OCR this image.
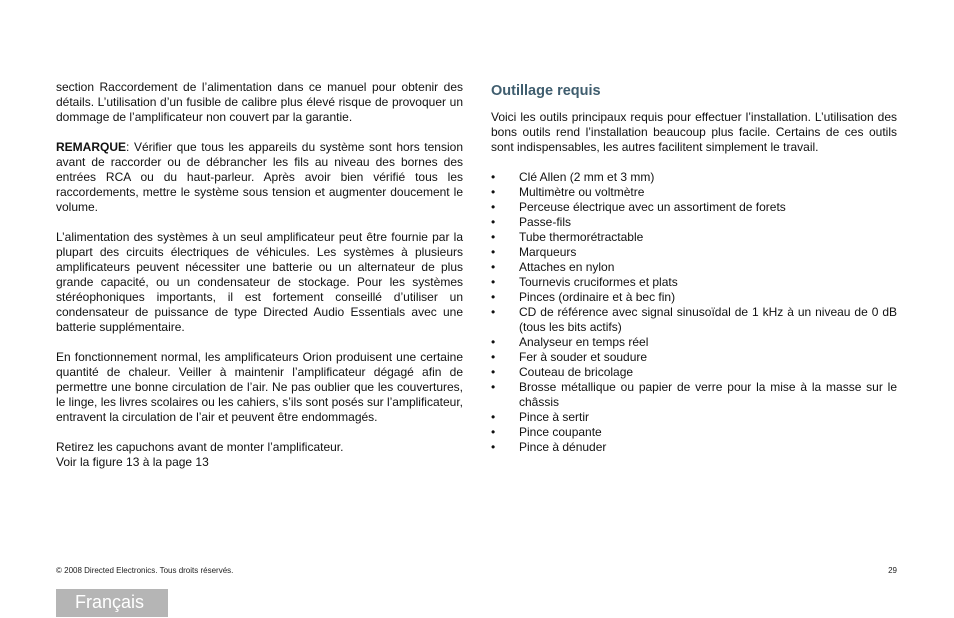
section Raccordement de l’alimentation dans ce manuel pour obtenir des détails. L’utilisation d’un fusible de calibre plus élevé risque de provoquer un dommage de l’amplificateur non couvert par la garantie.

REMARQUE: Vérifier que tous les appareils du système sont hors tension avant de raccorder ou de débrancher les fils au niveau des bornes des entrées RCA ou du haut-parleur. Après avoir bien vérifié tous les raccordements, mettre le système sous tension et augmenter doucement le volume.

L’alimentation des systèmes à un seul amplificateur peut être fournie par la plupart des circuits électriques de véhicules. Les systèmes à plusieurs amplificateurs peuvent nécessiter une batterie ou un alternateur de plus grande capacité, ou un condensateur de stockage. Pour les systèmes stéréophoniques importants, il est fortement conseillé d’utiliser un condensateur de puissance de type Directed Audio Essentials avec une batterie supplémentaire.

En fonctionnement normal, les amplificateurs Orion produisent une certaine quantité de chaleur. Veiller à maintenir l’amplificateur dégagé afin de permettre une bonne circulation de l’air. Ne pas oublier que les couvertures, le linge, les livres scolaires ou les cahiers, s’ils sont posés sur l’amplificateur, entravent la circulation de l’air et peuvent être endommagés.

Retirez les capuchons avant de monter l’amplificateur.

Voir la figure 13 à la page 13

Outillage requis

Voici les outils principaux requis pour effectuer l’installation. L’utilisation des bons outils rend l’installation beaucoup plus facile. Certains de ces outils sont indispensables, les autres facilitent simplement le travail.

• Clé Allen (2 mm et 3 mm)
• Multimètre ou voltmètre
• Perceuse électrique avec un assortiment de forets
• Passe-fils
• Tube thermorétractable
• Marqueurs
• Attaches en nylon
• Tournevis cruciformes et plats
• Pinces (ordinaire et à bec fin)
• CD de référence avec signal sinusoïdal de 1 kHz à un niveau de 0 dB (tous les bits actifs)
• Analyseur en temps réel
• Fer à souder et soudure
• Couteau de bricolage
• Brosse métallique ou papier de verre pour la mise à la masse sur le châssis
• Pince à sertir
• Pince coupante
• Pince à dénuder
© 2008 Directed Electronics. Tous droits réservés.	29
Français
